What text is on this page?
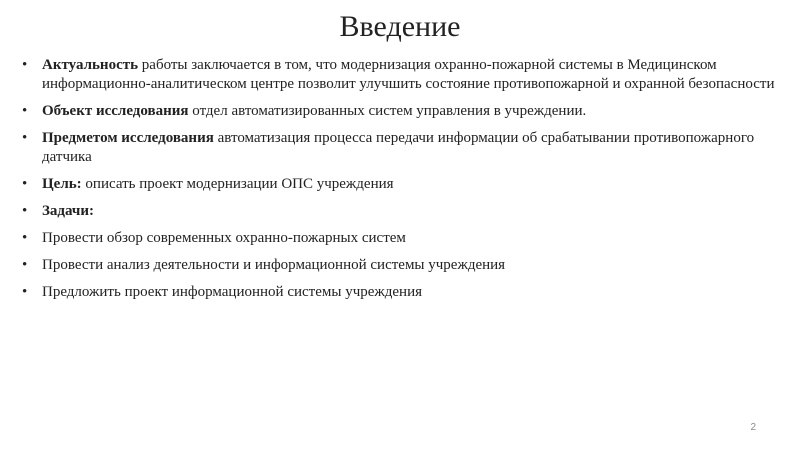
Введение
• Актуальность работы заключается в том, что модернизация охранно-пожарной системы в Медицинском информационно-аналитическом центре позволит улучшить состояние противопожарной и охранной безопасности
• Объект исследования отдел автоматизированных систем управления в учреждении.
• Предметом исследования автоматизация процесса передачи информации об срабатывании противопожарного датчика
• Цель: описать проект модернизации ОПС учреждения
• Задачи:
• Провести обзор современных охранно-пожарных систем
• Провести анализ деятельности и информационной системы учреждения
• Предложить проект информационной системы учреждения
2
